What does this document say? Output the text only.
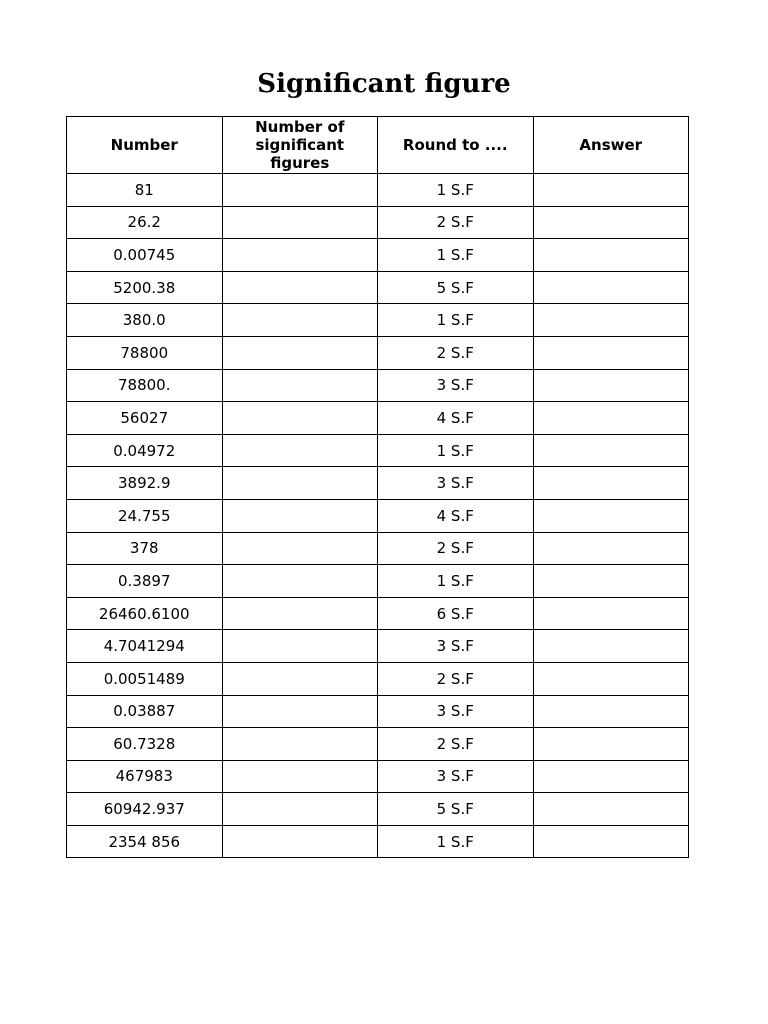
Significant figure
Number	Number of significant figures	Round to ....	Answer
81		1 S.F	
26.2		2 S.F	
0.00745		1 S.F	
5200.38		5 S.F	
380.0		1 S.F	
78800		2 S.F	
78800.		3 S.F	
56027		4 S.F	
0.04972		1 S.F	
3892.9		3 S.F	
24.755		4 S.F	
378		2 S.F	
0.3897		1 S.F	
26460.6100		6 S.F	
4.7041294		3 S.F	
0.0051489		2 S.F	
0.03887		3 S.F	
60.7328		2 S.F	
467983		3 S.F	
60942.937		5 S.F	
2354 856		1 S.F	
